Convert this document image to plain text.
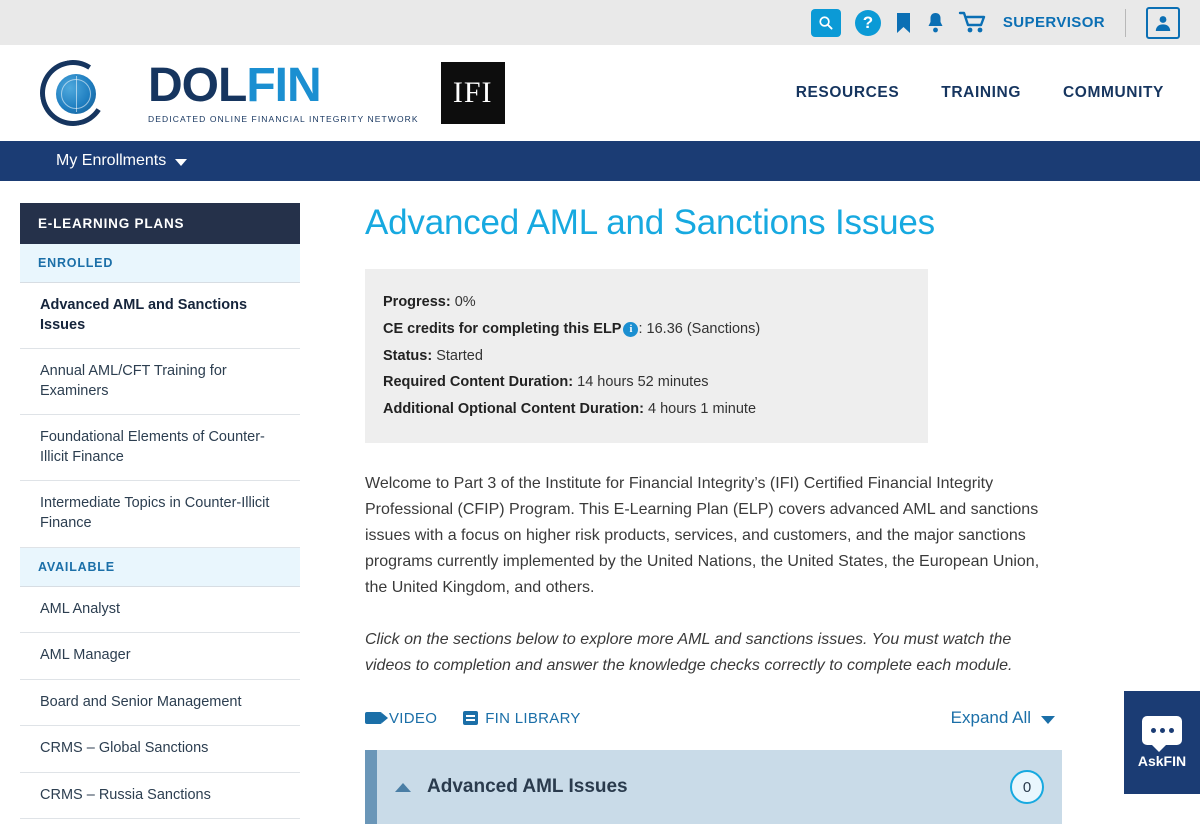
?	SUPERVISOR
DOLFIN
DEDICATED ONLINE FINANCIAL INTEGRITY NETWORK
IFI	RESOURCES	TRAINING	COMMUNITY
My Enrollments
E-LEARNING PLANS
ENROLLED
Advanced AML and Sanctions Issues
Annual AML/CFT Training for Examiners
Foundational Elements of Counter-Illicit Finance
Intermediate Topics in Counter-Illicit Finance
AVAILABLE
AML Analyst
AML Manager
Board and Senior Management
CRMS – Global Sanctions
CRMS – Russia Sanctions
Advanced AML and Sanctions Issues
Progress: 0%
CE credits for completing this ELP i : 16.36 (Sanctions)
Status: Started
Required Content Duration: 14 hours 52 minutes
Additional Optional Content Duration: 4 hours 1 minute

Welcome to Part 3 of the Institute for Financial Integrity’s (IFI) Certified Financial Integrity Professional (CFIP) Program. This E-Learning Plan (ELP) covers advanced AML and sanctions issues with a focus on higher risk products, services, and customers, and the major sanctions programs currently implemented by the United Nations, the United States, the European Union, the United Kingdom, and others.

Click on the sections below to explore more AML and sanctions issues. You must watch the videos to completion and answer the knowledge checks correctly to complete each module.

VIDEO	FIN LIBRARY	Expand All
Advanced AML Issues	0
AskFIN
